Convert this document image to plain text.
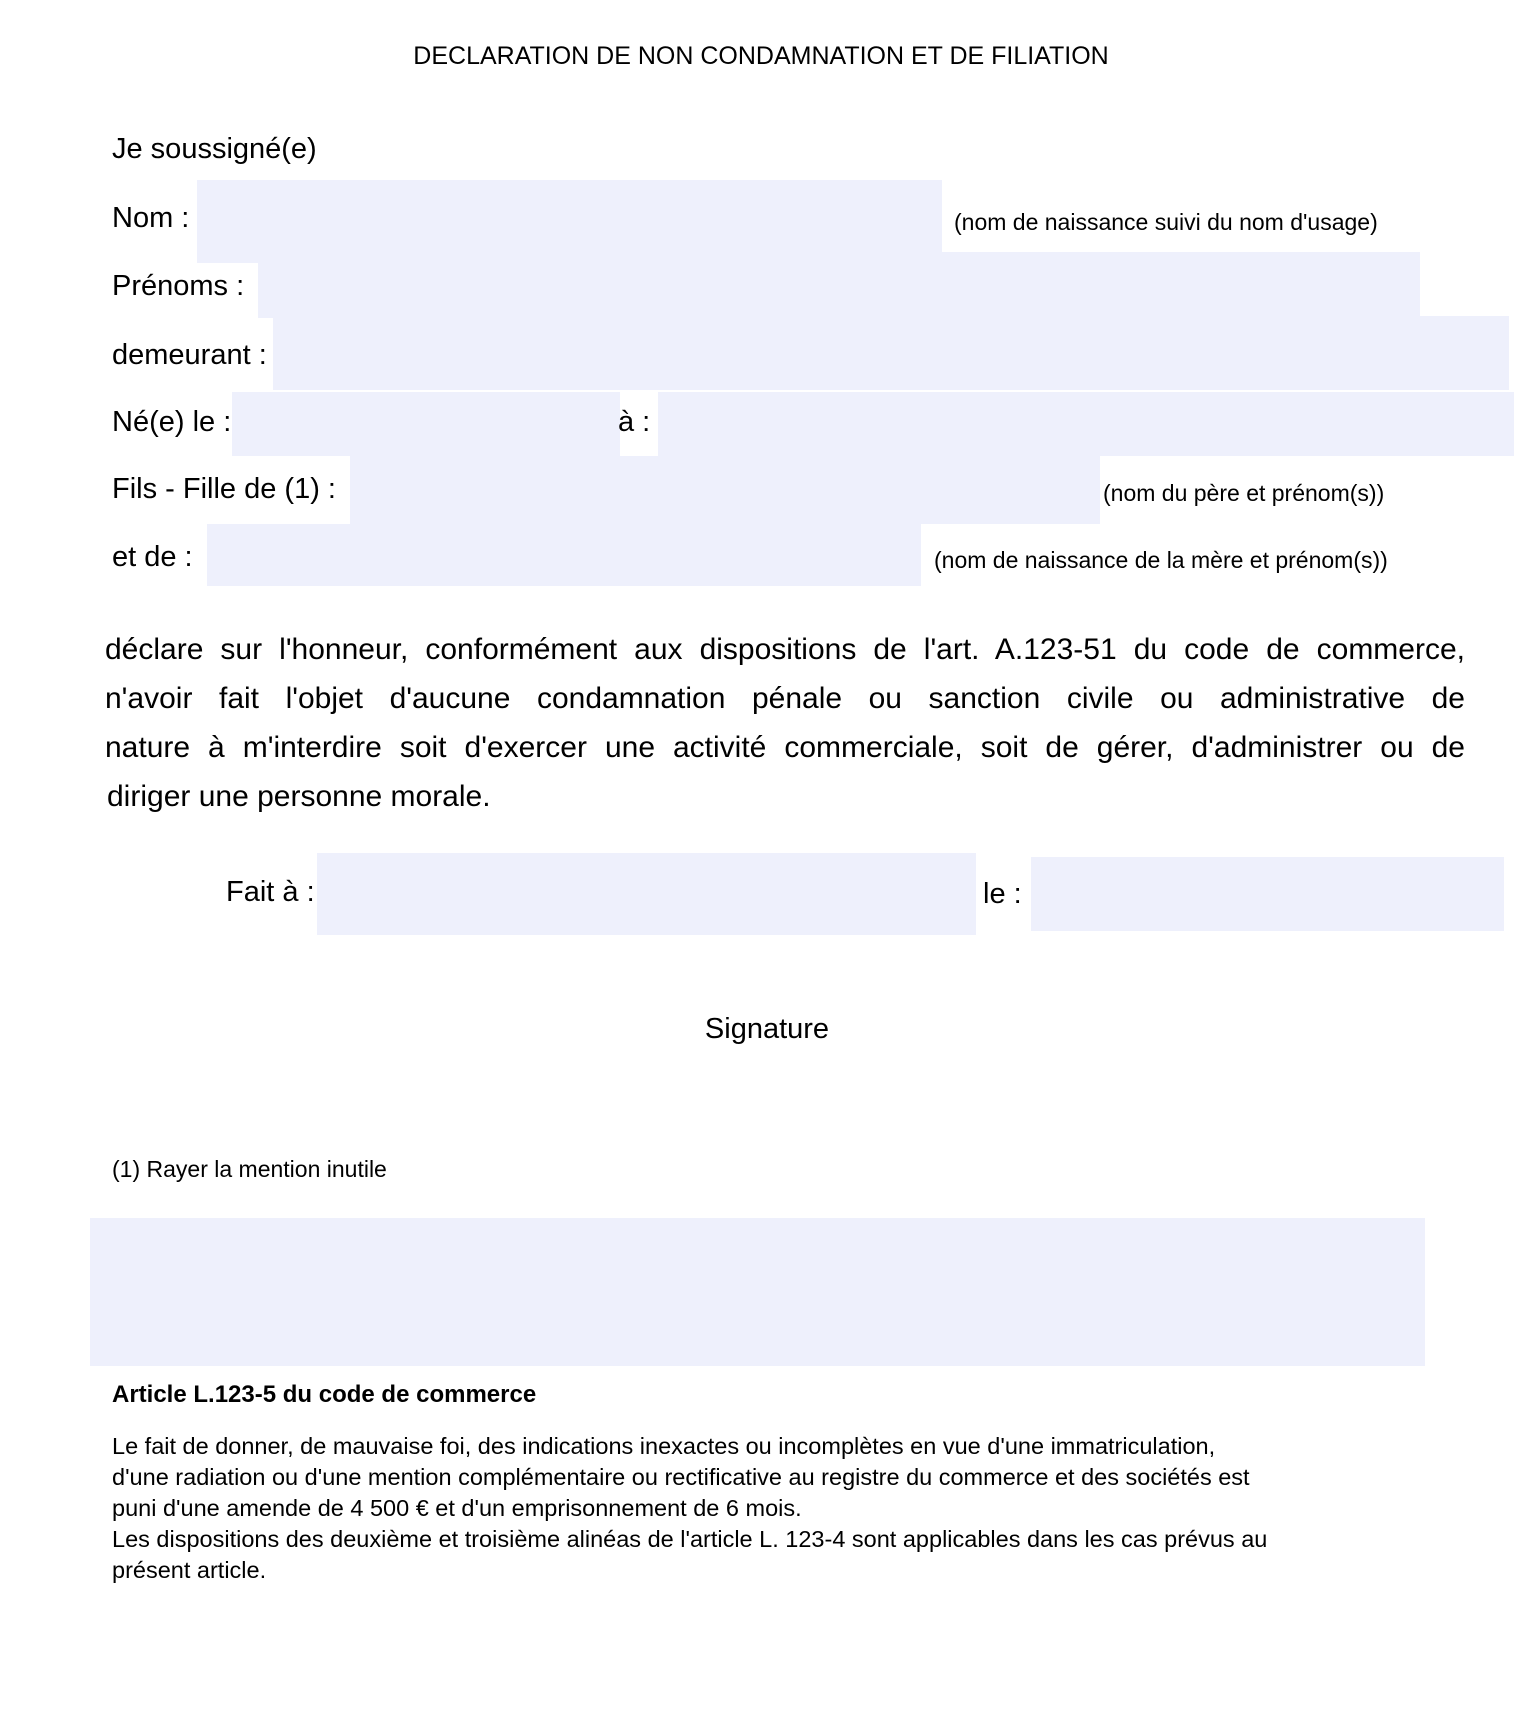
DECLARATION DE NON CONDAMNATION ET DE FILIATION
Je soussigné(e)
Nom :	(nom de naissance suivi du nom d'usage)
Prénoms :
demeurant :
Né(e) le :	à :
Fils - Fille de (1) :	(nom du père et prénom(s))
et de :	(nom de naissance de la mère et prénom(s))

déclare sur l'honneur, conformément aux dispositions de l'art. A.123-51 du code de commerce,

n'avoir fait l'objet d'aucune condamnation pénale ou sanction civile ou administrative de

nature à m'interdire soit d'exercer une activité commerciale, soit de gérer, d'administrer ou de

diriger une personne morale.

Fait à :	le :
Signature
(1) Rayer la mention inutile
Article L.123-5 du code de commerce

Le fait de donner, de mauvaise foi, des indications inexactes ou incomplètes en vue d'une immatriculation,

d'une radiation ou d'une mention complémentaire ou rectificative au registre du commerce et des sociétés est

puni d'une amende de 4 500 € et d'un emprisonnement de 6 mois.

Les dispositions des deuxième et troisième alinéas de l'article L. 123-4 sont applicables dans les cas prévus au

présent article.
